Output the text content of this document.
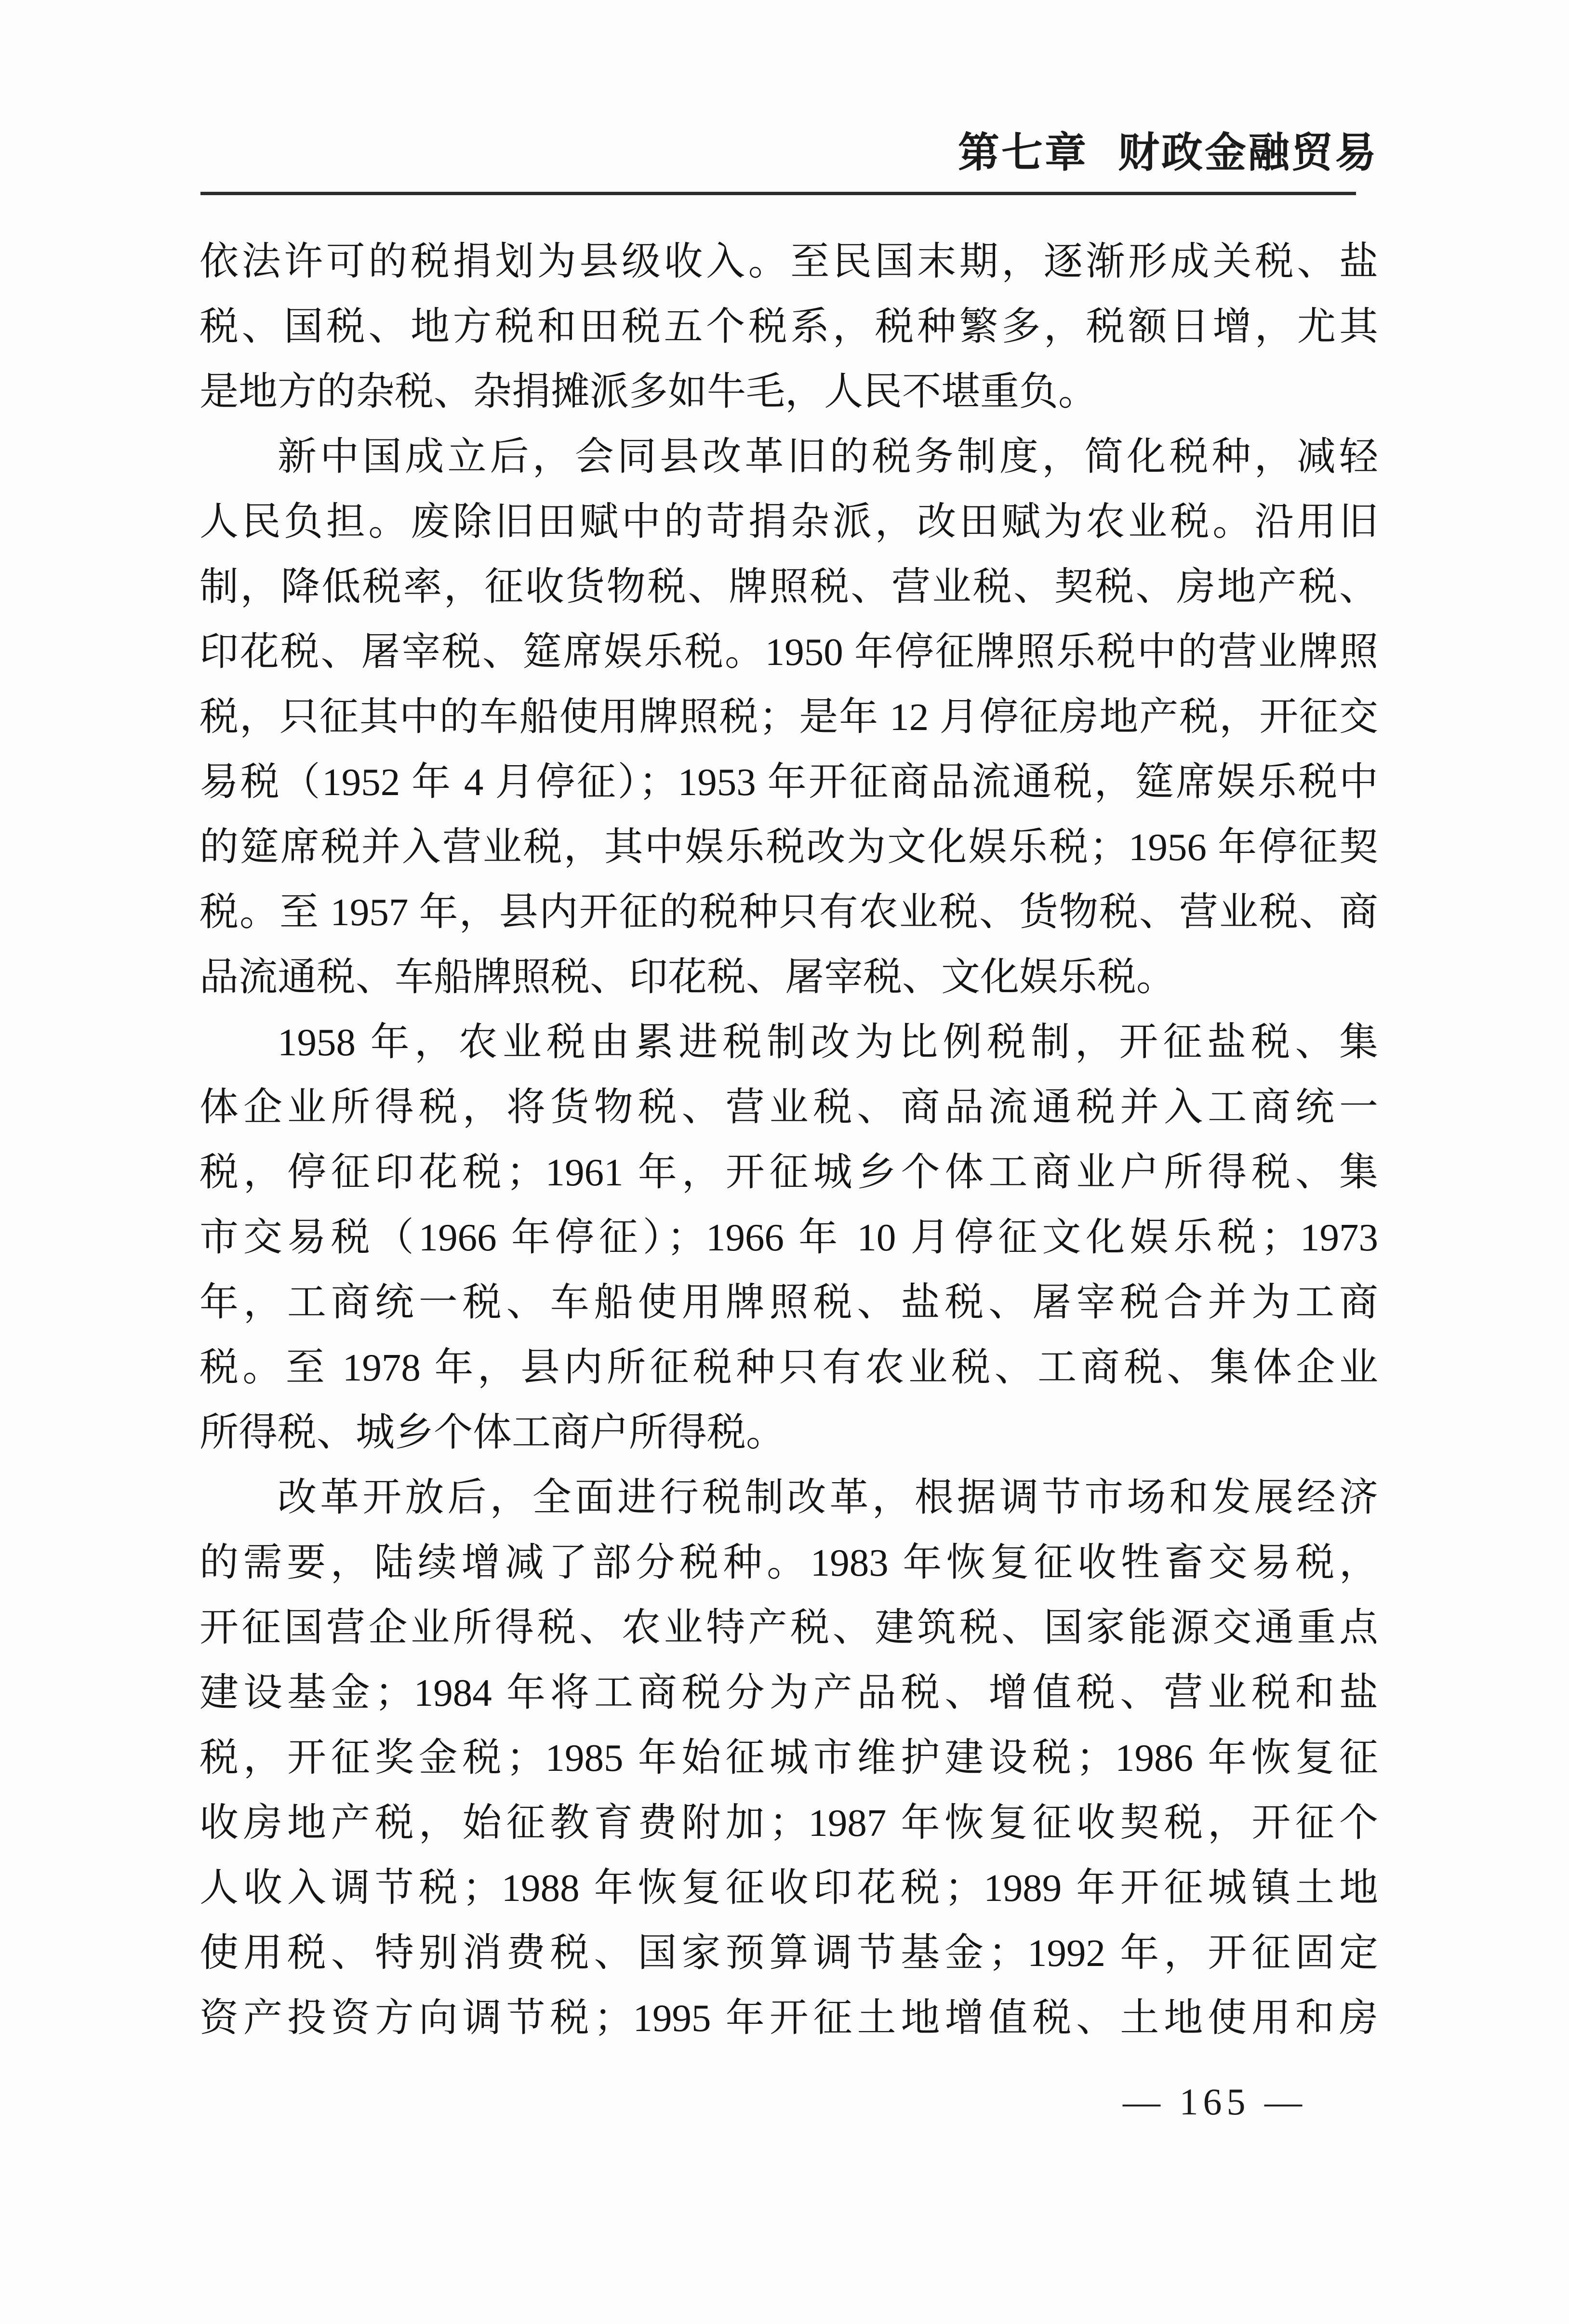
第七章 财政金融贸易
依法许可的税捐划为县级收入。至民国末期，逐渐形成关税、盐
税、国税、地方税和田税五个税系，税种繁多，税额日增，尤其
是地方的杂税、杂捐摊派多如牛毛，人民不堪重负。
新中国成立后，会同县改革旧的税务制度，简化税种，减轻
人民负担。废除旧田赋中的苛捐杂派，改田赋为农业税。沿用旧
制，降低税率，征收货物税、牌照税、营业税、契税、房地产税、
印花税、屠宰税、筵席娱乐税。1950 年停征牌照乐税中的营业牌照
税，只征其中的车船使用牌照税；是年 12 月停征房地产税，开征交
易税（1952 年 4 月停征）；1953 年开征商品流通税，筵席娱乐税中
的筵席税并入营业税，其中娱乐税改为文化娱乐税；1956 年停征契
税。至 1957 年，县内开征的税种只有农业税、货物税、营业税、商
品流通税、车船牌照税、印花税、屠宰税、文化娱乐税。
1958 年，农业税由累进税制改为比例税制，开征盐税、集
体企业所得税，将货物税、营业税、商品流通税并入工商统一
税，停征印花税；1961 年，开征城乡个体工商业户所得税、集
市交易税（1966 年停征）；1966 年 10 月停征文化娱乐税；1973
年，工商统一税、车船使用牌照税、盐税、屠宰税合并为工商
税。至 1978 年，县内所征税种只有农业税、工商税、集体企业
所得税、城乡个体工商户所得税。
改革开放后，全面进行税制改革，根据调节市场和发展经济
的需要，陆续增减了部分税种。1983 年恢复征收牲畜交易税，
开征国营企业所得税、农业特产税、建筑税、国家能源交通重点
建设基金；1984 年将工商税分为产品税、增值税、营业税和盐
税，开征奖金税；1985 年始征城市维护建设税；1986 年恢复征
收房地产税，始征教育费附加；1987 年恢复征收契税，开征个
人收入调节税；1988 年恢复征收印花税；1989 年开征城镇土地
使用税、特别消费税、国家预算调节基金；1992 年，开征固定
资产投资方向调节税；1995 年开征土地增值税、土地使用和房
— 165 —
